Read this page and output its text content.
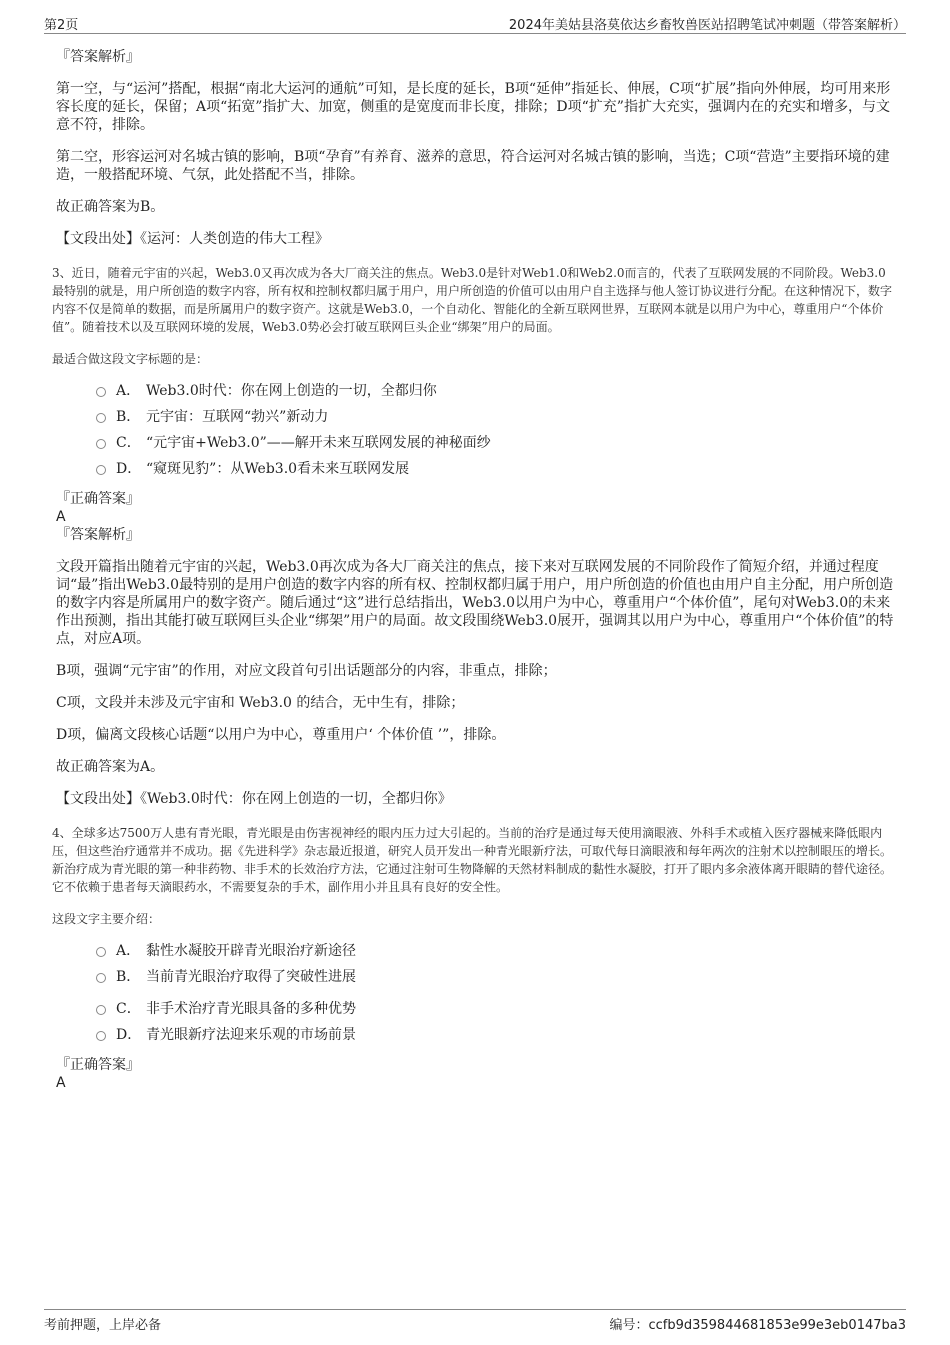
第2页	2024年美姑县洛莫依达乡畜牧兽医站招聘笔试冲刺题（带答案解析）
『答案解析』
第一空，与“运河”搭配，根据“南北大运河的通航”可知，是长度的延长，B项“延伸”指延长、伸展，C项“扩展”指向外伸展，均可用来形容长度的延长，保留；A项“拓宽”指扩大、加宽，侧重的是宽度而非长度，排除；D项“扩充”指扩大充实，强调内在的充实和增多，与文意不符，排除。
第二空，形容运河对名城古镇的影响，B项“孕育”有养育、滋养的意思，符合运河对名城古镇的影响，当选；C项“营造”主要指环境的建造，一般搭配环境、气氛，此处搭配不当，排除。
故正确答案为B。
【文段出处】《运河：人类创造的伟大工程》
3、近日，随着元宇宙的兴起，Web3.0又再次成为各大厂商关注的焦点。Web3.0是针对Web1.0和Web2.0而言的，代表了互联网发展的不同阶段。Web3.0最特别的就是，用户所创造的数字内容，所有权和控制权都归属于用户，用户所创造的价值可以由用户自主选择与他人签订协议进行分配。在这种情况下，数字内容不仅是简单的数据，而是所属用户的数字资产。这就是Web3.0，一个自动化、智能化的全新互联网世界，互联网本就是以用户为中心，尊重用户“个体价值”。随着技术以及互联网环境的发展，Web3.0势必会打破互联网巨头企业“绑架”用户的局面。
最适合做这段文字标题的是：
A． Web3.0时代：你在网上创造的一切，全都归你
B． 元宇宙：互联网“勃兴”新动力
C． “元宇宙+Web3.0”——解开未来互联网发展的神秘面纱
D． “窥斑见豹”：从Web3.0看未来互联网发展
『正确答案』
A
『答案解析』
文段开篇指出随着元宇宙的兴起，Web3.0再次成为各大厂商关注的焦点，接下来对互联网发展的不同阶段作了简短介绍，并通过程度词“最”指出Web3.0最特别的是用户创造的数字内容的所有权、控制权都归属于用户，用户所创造的价值也由用户自主分配，用户所创造的数字内容是所属用户的数字资产。随后通过“这”进行总结指出，Web3.0以用户为中心，尊重用户“个体价值”，尾句对Web3.0的未来作出预测，指出其能打破互联网巨头企业“绑架”用户的局面。故文段围绕Web3.0展开，强调其以用户为中心，尊重用户“个体价值”的特点，对应A项。
B项，强调“元宇宙”的作用，对应文段首句引出话题部分的内容，非重点，排除；
C项，文段并未涉及元宇宙和 Web3.0 的结合，无中生有，排除；
D项，偏离文段核心话题“以用户为中心，尊重用户‘ 个体价值 ’”，排除。
故正确答案为A。
【文段出处】《Web3.0时代：你在网上创造的一切，全都归你》
4、全球多达7500万人患有青光眼，青光眼是由伤害视神经的眼内压力过大引起的。当前的治疗是通过每天使用滴眼液、外科手术或植入医疗器械来降低眼内压，但这些治疗通常并不成功。据《先进科学》杂志最近报道，研究人员开发出一种青光眼新疗法，可取代每日滴眼液和每年两次的注射术以控制眼压的增长。新治疗成为青光眼的第一种非药物、非手术的长效治疗方法，它通过注射可生物降解的天然材料制成的黏性水凝胶，打开了眼内多余液体离开眼睛的替代途径。它不依赖于患者每天滴眼药水，不需要复杂的手术，副作用小并且具有良好的安全性。
这段文字主要介绍：
A． 黏性水凝胶开辟青光眼治疗新途径
B． 当前青光眼治疗取得了突破性进展
C． 非手术治疗青光眼具备的多种优势
D． 青光眼新疗法迎来乐观的市场前景
『正确答案』
A
考前押题，上岸必备	编号：ccfb9d359844681853e99e3eb0147ba3
